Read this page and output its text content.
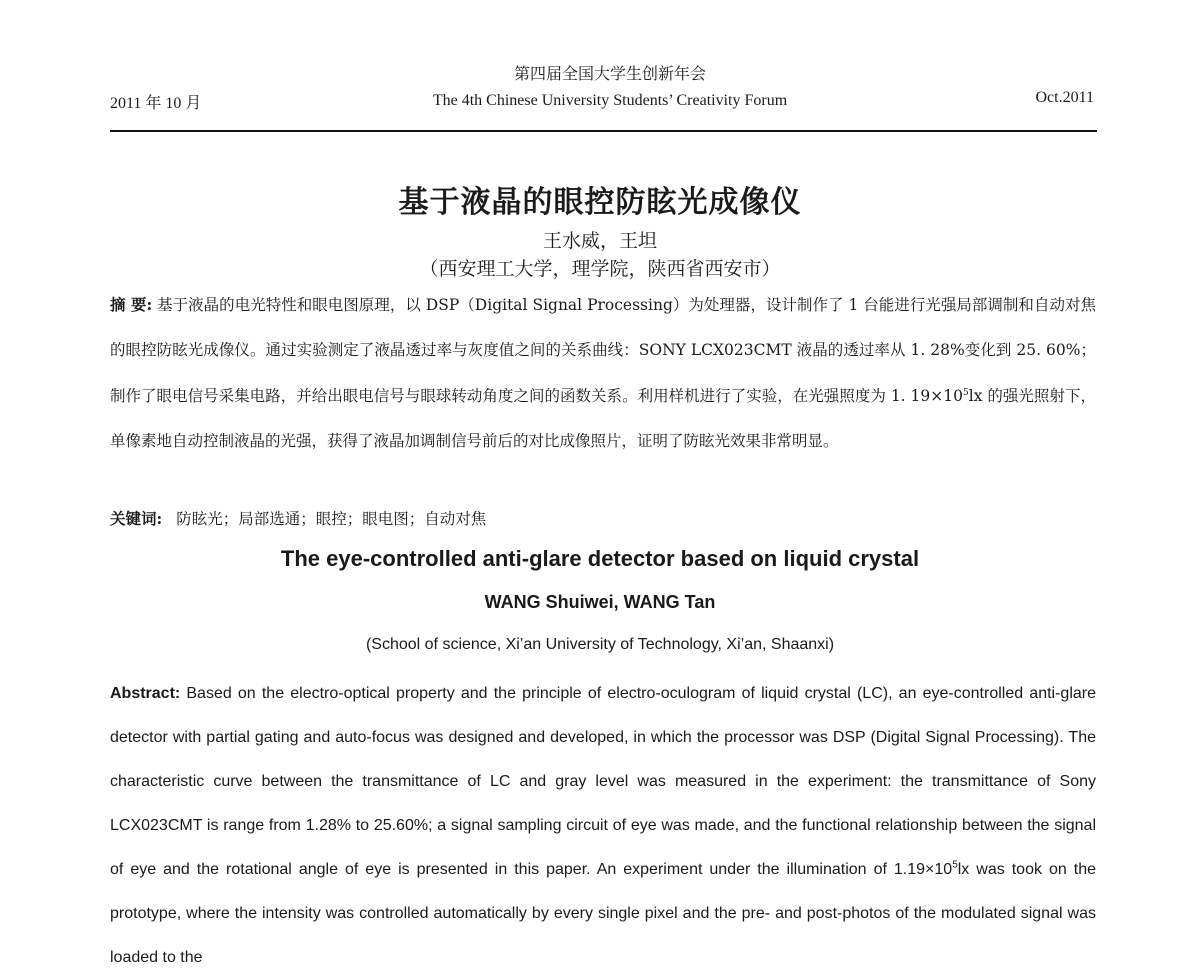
2011 年 10 月
第四届全国大学生创新年会
The 4th Chinese University Students’ Creativity Forum	Oct.2011
基于液晶的眼控防眩光成像仪
王水威，王坦
（西安理工大学，理学院，陕西省西安市）
摘 要: 基于液晶的电光特性和眼电图原理，以 DSP（Digital Signal Processing）为处理器，设计制作了 1 台能进行光强局部调制和自动对焦的眼控防眩光成像仪。通过实验测定了液晶透过率与灰度值之间的关系曲线：SONY LCX023CMT 液晶的透过率从 1. 28%变化到 25. 60%；制作了眼电信号采集电路，并给出眼电信号与眼球转动角度之间的函数关系。利用样机进行了实验，在光强照度为 1. $19\times 10^5lx$ 的强光照射下，单像素地自动控制液晶的光强，获得了液晶加调制信号前后的对比成像照片，证明了防眩光效果非常明显。
关键词: 防眩光；局部选通；眼控；眼电图；自动对焦
The eye-controlled anti-glare detector based on liquid crystal
WANG Shuiwei, WANG Tan
(School of science, Xi’an University of Technology, Xi’an, Shaanxi)
Abstract: Based on the electro-optical property and the principle of electro-oculogram of liquid crystal (LC), an eye-controlled anti-glare detector with partial gating and auto-focus was designed and developed, in which the processor was DSP (Digital Signal Processing). The characteristic curve between the transmittance of LC and gray level was measured in the experiment: the transmittance of Sony LCX023CMT is range from 1.28% to 25.60%; a signal sampling circuit of eye was made, and the functional relationship between the signal of eye and the rotational angle of eye is presented in this paper. An experiment under the illumination of $1.19\times 10^5lx$ was took on the prototype, where the intensity was controlled automatically by every single pixel and the pre- and post-photos of the modulated signal was loaded to the
